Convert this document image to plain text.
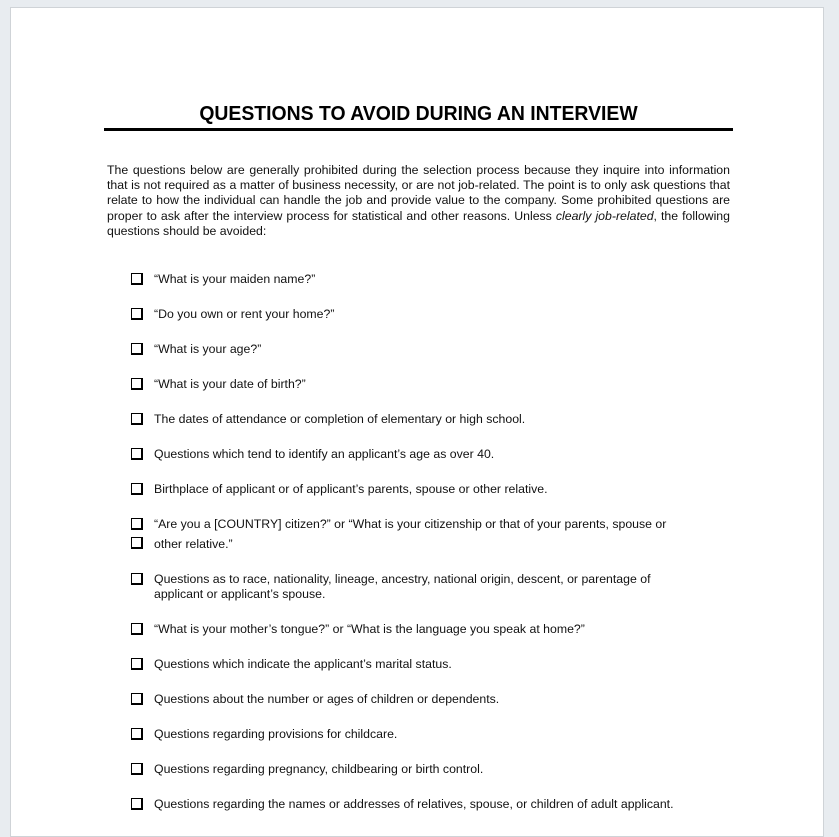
QUESTIONS TO AVOID DURING AN INTERVIEW

The questions below are generally prohibited during the selection process because they inquire into information that is not required as a matter of business necessity, or are not job-related. The point is to only ask questions that relate to how the individual can handle the job and provide value to the company. Some prohibited questions are proper to ask after the interview process for statistical and other reasons. Unless clearly job-related, the following questions should be avoided:

“What is your maiden name?”
“Do you own or rent your home?”
“What is your age?”
“What is your date of birth?”
The dates of attendance or completion of elementary or high school.
Questions which tend to identify an applicant’s age as over 40.
Birthplace of applicant or of applicant’s parents, spouse or other relative.
“Are you a [COUNTRY] citizen?” or “What is your citizenship or that of your parents, spouse or
other relative.”
Questions as to race, nationality, lineage, ancestry, national origin, descent, or parentage of
applicant or applicant’s spouse.
“What is your mother’s tongue?” or “What is the language you speak at home?”
Questions which indicate the applicant’s marital status.
Questions about the number or ages of children or dependents.
Questions regarding provisions for childcare.
Questions regarding pregnancy, childbearing or birth control.
Questions regarding the names or addresses of relatives, spouse, or children of adult applicant.
